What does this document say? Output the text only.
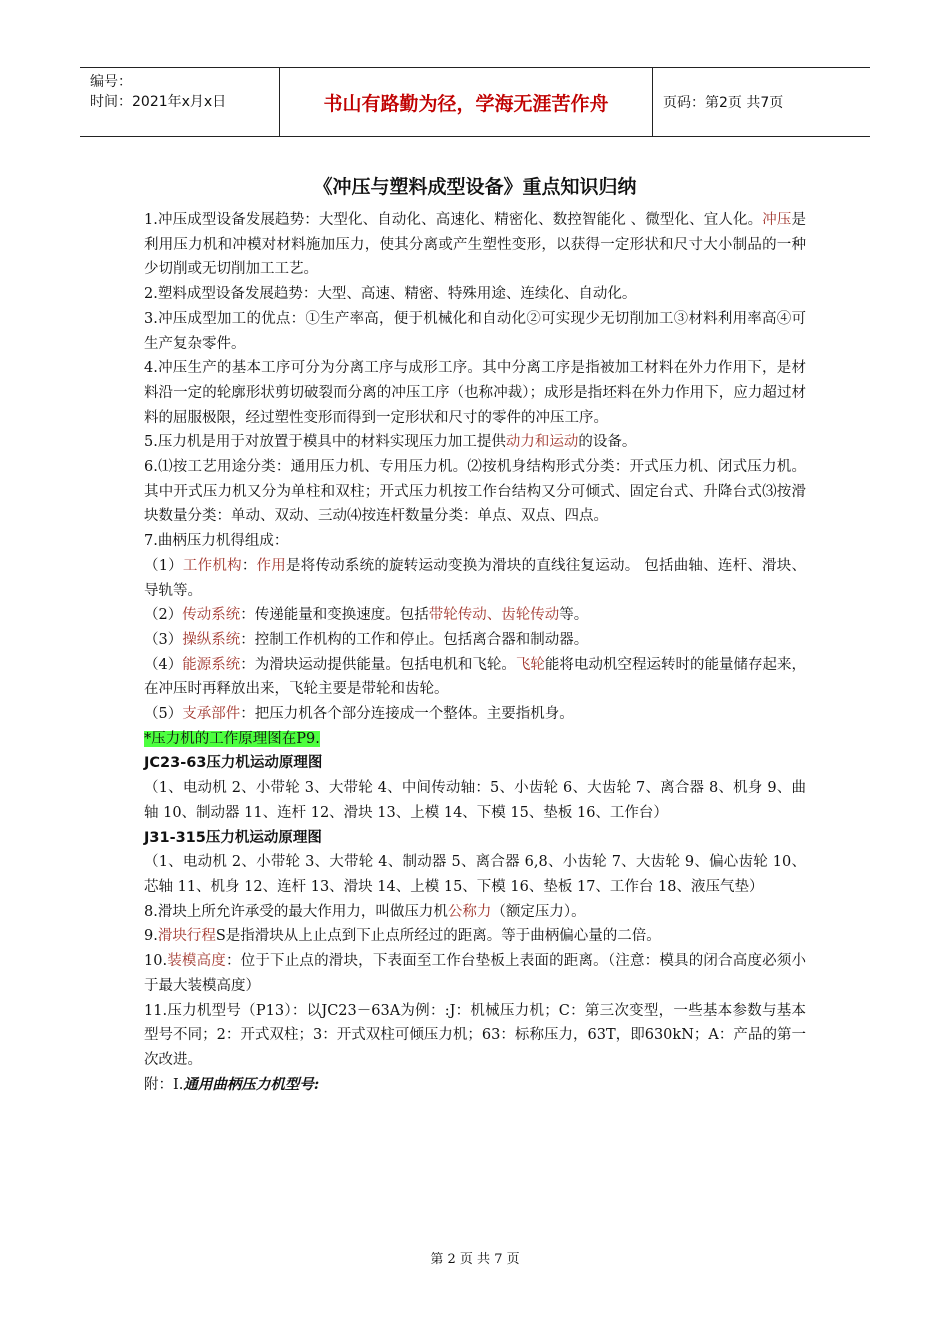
编号：
时间：2021年x月x日	书山有路勤为径，学海无涯苦作舟	页码：第2页 共7页
《冲压与塑料成型设备》重点知识归纳

1.冲压成型设备发展趋势：大型化、自动化、高速化、精密化、数控智能化 、微型化、宜人化。冲压是利用压力机和冲模对材料施加压力，使其分离或产生塑性变形，以获得一定形状和尺寸大小制品的一种少切削或无切削加工工艺。

2.塑料成型设备发展趋势：大型、高速、精密、特殊用途、连续化、自动化。

3.冲压成型加工的优点：①生产率高，便于机械化和自动化②可实现少无切削加工③材料利用率高④可生产复杂零件。

4.冲压生产的基本工序可分为分离工序与成形工序。其中分离工序是指被加工材料在外力作用下，是材料沿一定的轮廓形状剪切破裂而分离的冲压工序（也称冲裁）；成形是指坯料在外力作用下，应力超过材料的屈服极限，经过塑性变形而得到一定形状和尺寸的零件的冲压工序。

5.压力机是用于对放置于模具中的材料实现压力加工提供动力和运动的设备。

6.⑴按工艺用途分类：通用压力机、专用压力机。⑵按机身结构形式分类：开式压力机、闭式压力机。其中开式压力机又分为单柱和双柱；开式压力机按工作台结构又分可倾式、固定台式、升降台式⑶按滑块数量分类：单动、双动、三动⑷按连杆数量分类：单点、双点、四点。

7.曲柄压力机得组成：

（1）工作机构：作用是将传动系统的旋转运动变换为滑块的直线往复运动。 包括曲轴、连杆、滑块、导轨等。

（2）传动系统：传递能量和变换速度。包括带轮传动、齿轮传动等。

（3）操纵系统：控制工作机构的工作和停止。包括离合器和制动器。

（4）能源系统：为滑块运动提供能量。包括电机和飞轮。飞轮能将电动机空程运转时的能量储存起来，在冲压时再释放出来，飞轮主要是带轮和齿轮。

（5）支承部件：把压力机各个部分连接成一个整体。主要指机身。

*压力机的工作原理图在P9.

JC23-63压力机运动原理图

（1、电动机 2、小带轮 3、大带轮 4、中间传动轴：5、小齿轮 6、大齿轮 7、离合器 8、机身 9、曲轴 10、制动器 11、连杆 12、滑块 13、上模 14、下模 15、垫板 16、工作台）

J31-315压力机运动原理图

（1、电动机 2、小带轮 3、大带轮 4、制动器 5、离合器 6,8、小齿轮 7、大齿轮 9、偏心齿轮 10、芯轴 11、机身 12、连杆 13、滑块 14、上模 15、下模 16、垫板 17、工作台 18、液压气垫）

8.滑块上所允许承受的最大作用力，叫做压力机公称力（额定压力）。

9.滑块行程S是指滑块从上止点到下止点所经过的距离。等于曲柄偏心量的二倍。

10.装模高度：位于下止点的滑块，下表面至工作台垫板上表面的距离。（注意：模具的闭合高度必须小于最大装模高度）

11.压力机型号（P13）：以JC23－63A为例：:J：机械压力机；C：第三次变型，一些基本参数与基本型号不同；2：开式双柱；3：开式双柱可倾压力机；63：标称压力，63T，即630kN；A：产品的第一次改进。

附：Ⅰ.通用曲柄压力机型号:

第 2 页 共 7 页
